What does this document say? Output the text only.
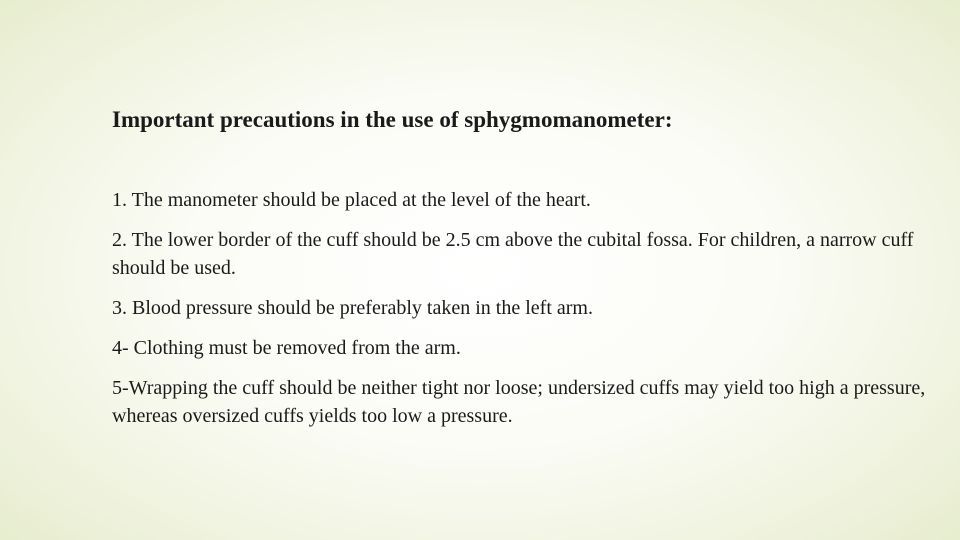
Important precautions in the use of sphygmomanometer:
1. The manometer should be placed at the level of the heart.
2. The lower border of the cuff should be 2.5 cm above the cubital fossa. For children, a narrow cuff should be used.
3. Blood pressure should be preferably taken in the left arm.
4- Clothing must be removed from the arm.
5-Wrapping the cuff should be neither tight nor loose; undersized cuffs may yield too high a pressure, whereas oversized cuffs yields too low a pressure.
